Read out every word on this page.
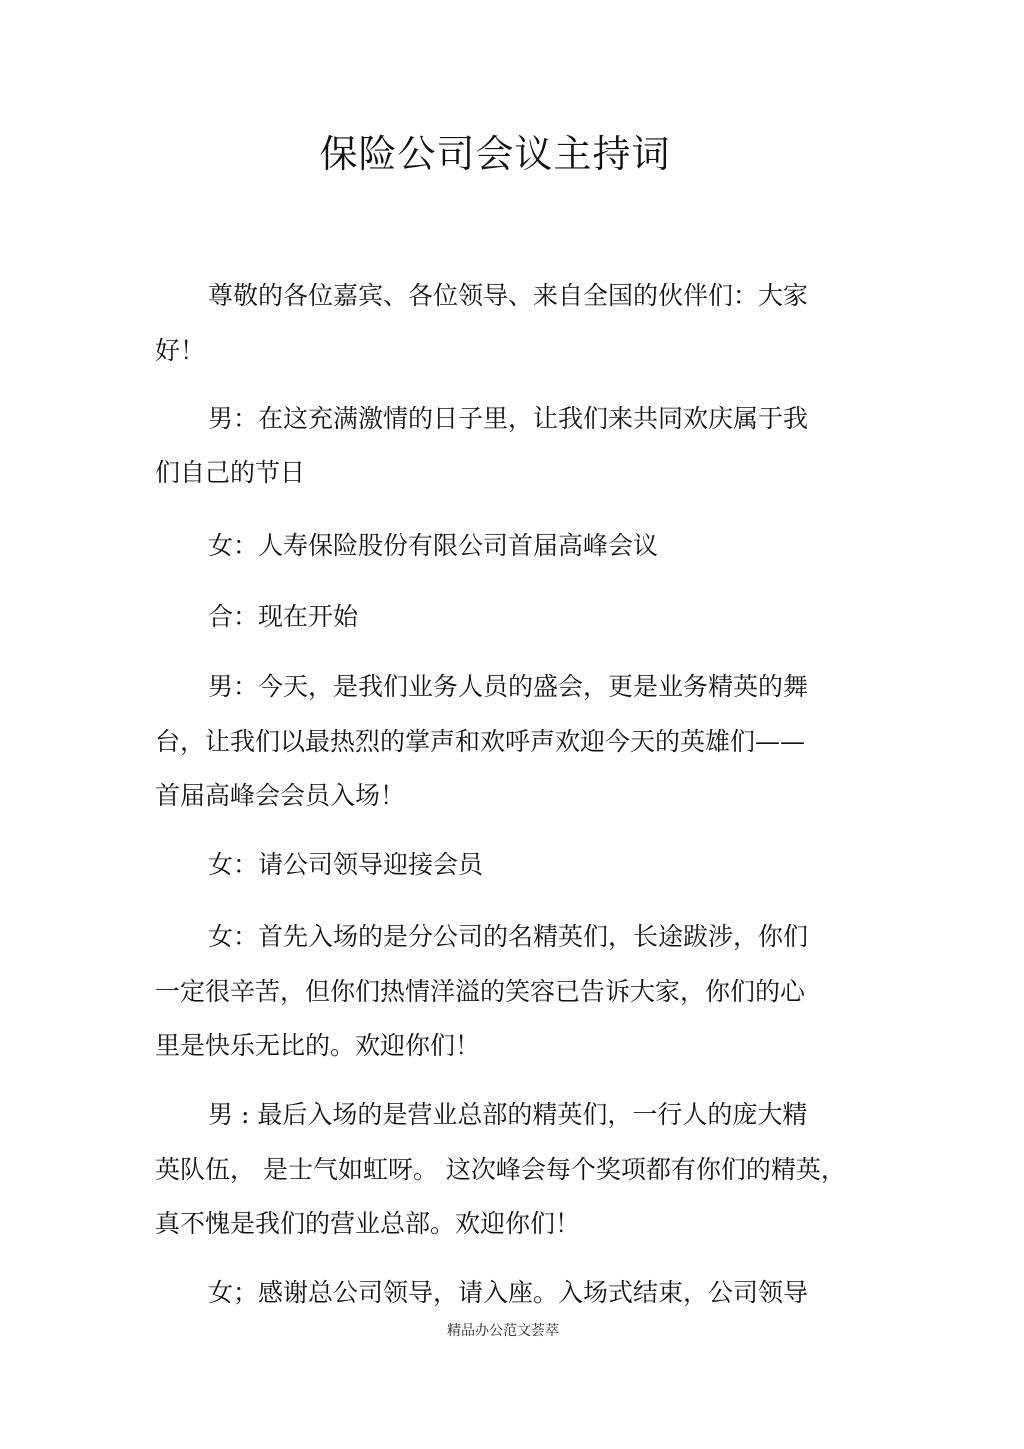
保险公司会议主持词

尊敬的各位嘉宾、各位领导、来自全国的伙伴们：大家

好！

男：在这充满激情的日子里，让我们来共同欢庆属于我

们自己的节日

女：人寿保险股份有限公司首届高峰会议

合：现在开始

男：今天，是我们业务人员的盛会，更是业务精英的舞

台，让我们以最热烈的掌声和欢呼声欢迎今天的英雄们——

首届高峰会会员入场！

女：请公司领导迎接会员

女：首先入场的是分公司的名精英们，长途跋涉，你们

一定很辛苦，但你们热情洋溢的笑容已告诉大家，你们的心

里是快乐无比的。欢迎你们！

男 : 最后入场的是营业总部的精英们，一行人的庞大精

英队伍， 是士气如虹呀。 这次峰会每个奖项都有你们的精英，

真不愧是我们的营业总部。欢迎你们！

女；感谢总公司领导，请入座。入场式结束，公司领导

精品办公范文荟萃
